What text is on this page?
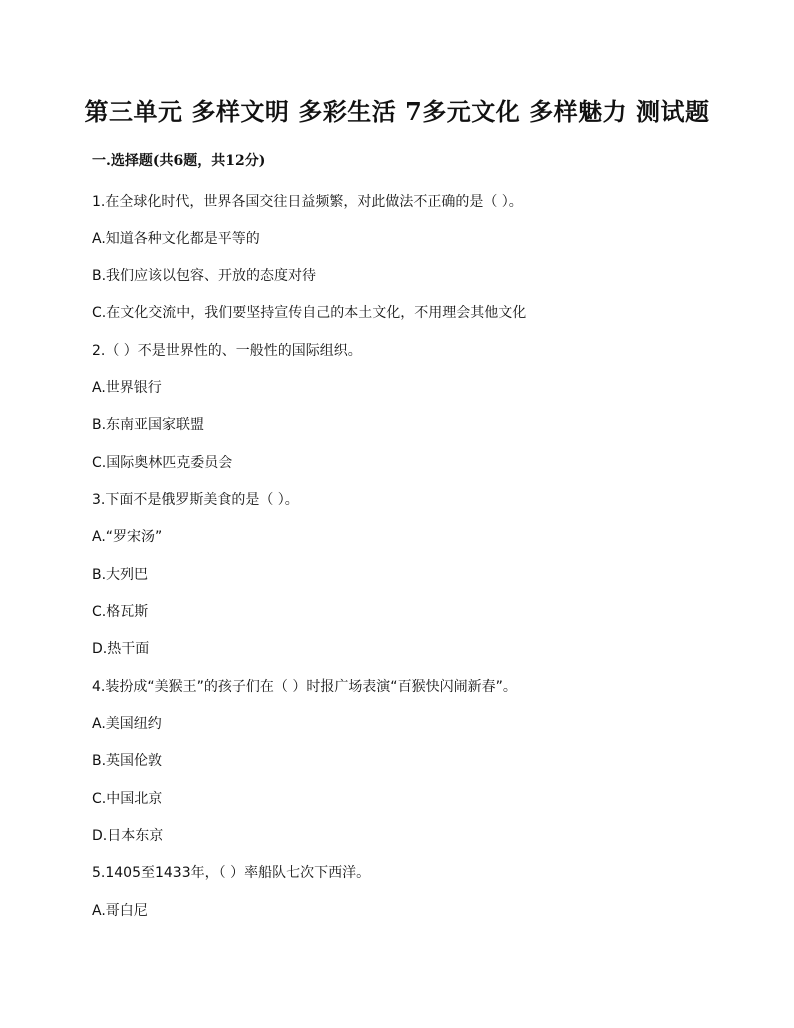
第三单元 多样文明 多彩生活 7多元文化 多样魅力 测试题
一.选择题(共6题，共12分)
1.在全球化时代，世界各国交往日益频繁，对此做法不正确的是（ ）。
A.知道各种文化都是平等的
B.我们应该以包容、开放的态度对待
C.在文化交流中，我们要坚持宣传自己的本土文化，不用理会其他文化
2.（ ）不是世界性的、一般性的国际组织。
A.世界银行
B.东南亚国家联盟
C.国际奥林匹克委员会
3.下面不是俄罗斯美食的是（ ）。
A.“罗宋汤”
B.大列巴
C.格瓦斯
D.热干面
4.装扮成“美猴王”的孩子们在（ ）时报广场表演“百猴快闪闹新春”。
A.美国纽约
B.英国伦敦
C.中国北京
D.日本东京
5.1405至1433年，（ ）率船队七次下西洋。
A.哥白尼
